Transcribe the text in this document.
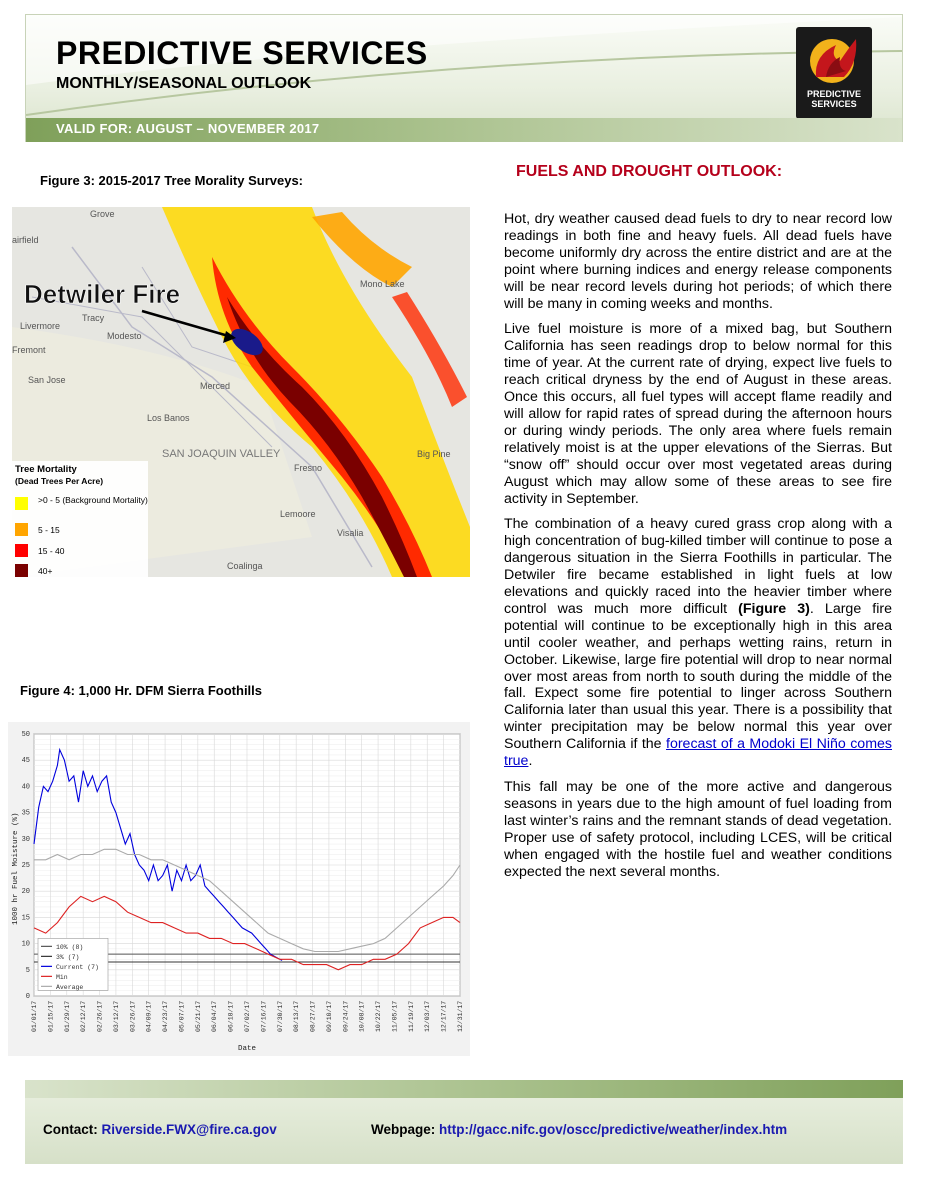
PREDICTIVE SERVICES
MONTHLY/SEASONAL OUTLOOK
PREDICTIVE
SERVICES
VALID FOR: AUGUST – NOVEMBER 2017
Figure 3: 2015-2017 Tree Morality Surveys:
Detwiler Fire
Grove
airfield
Tracy
Livermore
Fremont
Modesto
San Jose
Merced
Los Banos
Fresno
Lemoore
Visalia
Coalinga
Mono Lake
Big Pine
SAN JOAQUIN VALLEY
Tree Mortality
(Dead Trees Per Acre)
>0 - 5 (Background Mortality)
5 - 15
15 - 40
40+
Figure 4: 1,000 Hr. DFM Sierra Foothills
01/01/17 01/15/17 01/29/17 02/12/17 02/26/17 03/12/17 03/26/17 04/09/17 04/23/17 05/07/17 05/21/17 06/04/17 06/18/17 07/02/17 07/16/17 07/30/17 08/13/17 08/27/17 09/10/17 09/24/17 10/08/17 10/22/17 11/05/17 11/19/17 12/03/17 12/17/17 12/31/17
0
5
10
15
20
25
30
35
40
45
50
1000 hr Fuel Moisture (%)
Date
10% (8)
3% (7)
Current (7)
Min
Average
FUELS AND DROUGHT OUTLOOK:

Hot, dry weather caused dead fuels to dry to near record low readings in both fine and heavy fuels. All dead fuels have become uniformly dry across the entire district and are at the point where burning indices and energy release components will be near record levels during hot periods; of which there will be many in coming weeks and months.

Live fuel moisture is more of a mixed bag, but Southern California has seen readings drop to below normal for this time of year. At the current rate of drying, expect live fuels to reach critical dryness by the end of August in these areas. Once this occurs, all fuel types will accept flame readily and will allow for rapid rates of spread during the afternoon hours or during windy periods. The only area where fuels remain relatively moist is at the upper elevations of the Sierras. But “snow off” should occur over most vegetated areas during August which may allow some of these areas to see fire activity in September.

The combination of a heavy cured grass crop along with a high concentration of bug-killed timber will continue to pose a dangerous situation in the Sierra Foothills in particular. The Detwiler fire became established in light fuels at low elevations and quickly raced into the heavier timber where control was much more difficult (Figure 3). Large fire potential will continue to be exceptionally high in this area until cooler weather, and perhaps wetting rains, return in October. Likewise, large fire potential will drop to near normal over most areas from north to south during the middle of the fall. Expect some fire potential to linger across Southern California later than usual this year. There is a possibility that winter precipitation may be below normal this year over Southern California if the forecast of a Modoki El Niño comes true.

This fall may be one of the more active and dangerous seasons in years due to the high amount of fuel loading from last winter’s rains and the remnant stands of dead vegetation. Proper use of safety protocol, including LCES, will be critical when engaged with the hostile fuel and weather conditions expected the next several months.

Contact: Riverside.FWX@fire.ca.gov	Webpage: http://gacc.nifc.gov/oscc/predictive/weather/index.htm
